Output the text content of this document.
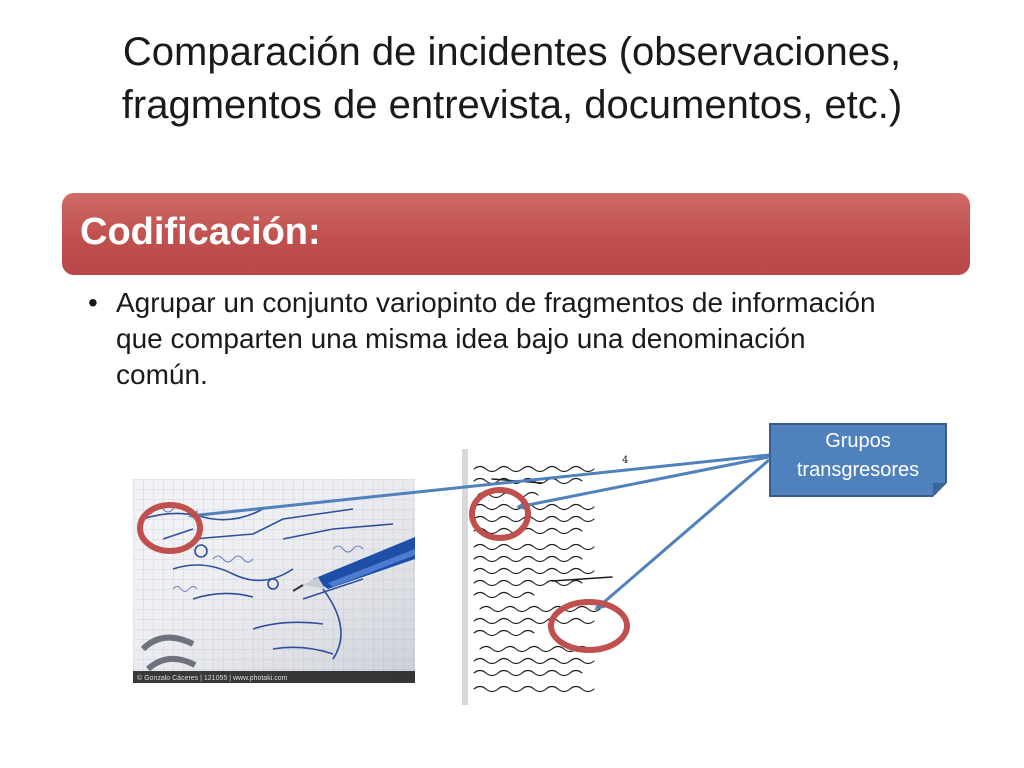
Comparación de incidentes (observaciones,
fragmentos de entrevista, documentos, etc.)
Codificación:
• Agrupar un conjunto variopinto de fragmentos de información que comparten una misma idea bajo una denominación común.
© Gonzalo Cáceres | 121055 | www.photaki.com
4
Grupos
transgresores
